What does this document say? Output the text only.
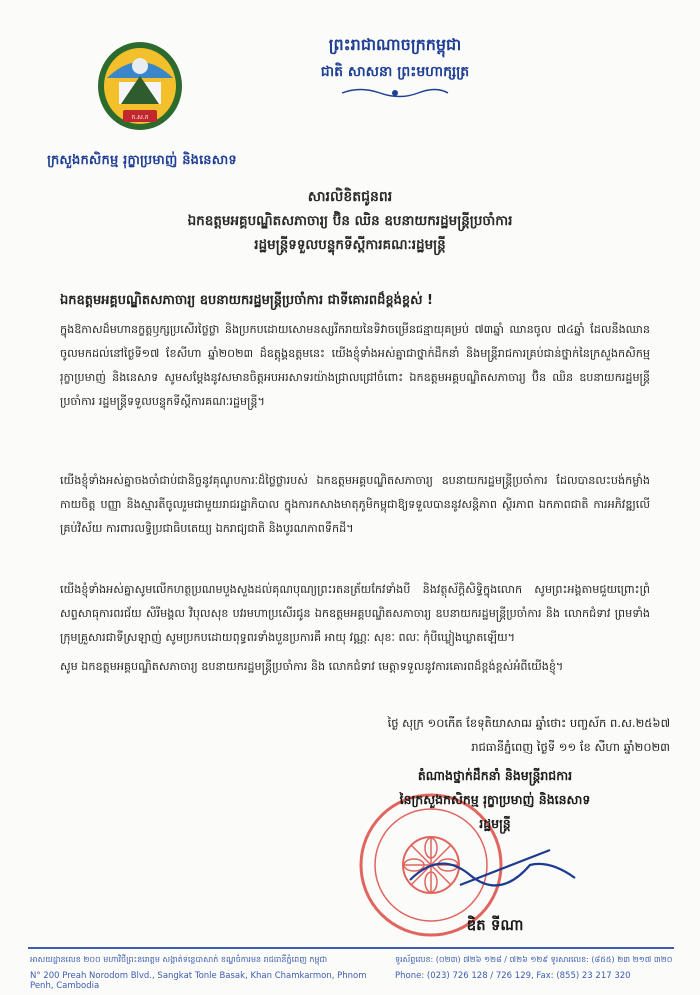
ក.ស.ក
ក្រសួងកសិកម្ម រុក្ខាប្រមាញ់ និងនេសាទ
ព្រះរាជាណាចក្រកម្ពុជា
ជាតិ សាសនា ព្រះមហាក្សត្រ
សារលិខិតជូនពរ
ឯកឧត្តមអគ្គបណ្ឌិតសភាចារ្យ ប៊ិន ឈិន ឧបនាយករដ្ឋមន្ត្រីប្រចាំការ
រដ្ឋមន្ត្រីទទួលបន្ទុកទីស្តីការគណៈរដ្ឋមន្ត្រី
ឯកឧត្តមអគ្គបណ្ឌិតសភាចារ្យ ឧបនាយករដ្ឋមន្ត្រីប្រចាំការ ជាទីគោរពដ៏ខ្ពង់ខ្ពស់ !
ក្នុងឱកាសដ៏មហានក្ខត្តឫក្សប្រសើរថ្លៃថ្លា និងប្រកបដោយសោមនស្សរីករាយនៃទិវាចម្រើនជន្មាយុគម្រប់ ៧៣ឆ្នាំ ឈានចូល ៧៤ឆ្នាំ ដែលនឹងឈានចូលមកដល់នៅថ្ងៃទី១៧ ខែសីហា ឆ្នាំ២០២៣ ដ៏ឧត្តុង្គឧត្តមនេះ យើងខ្ញុំទាំងអស់គ្នាជាថ្នាក់ដឹកនាំ និងមន្ត្រីរាជការគ្រប់ជាន់ថ្នាក់នៃក្រសួងកសិកម្ម រុក្ខាប្រមាញ់ និងនេសាទ សូមសម្តែងនូវសមានចិត្តអបអរសាទរយ៉ាងជ្រាលជ្រៅចំពោះ ឯកឧត្តមអគ្គបណ្ឌិតសភាចារ្យ ប៊ិន ឈិន ឧបនាយករដ្ឋមន្ត្រីប្រចាំការ រដ្ឋមន្ត្រីទទួលបន្ទុកទីស្តីការគណៈរដ្ឋមន្ត្រី។
យើងខ្ញុំទាំងអស់គ្នាចងចាំជាប់ជានិច្ចនូវគុណូបការៈដ៏ថ្លៃថ្លារបស់ ឯកឧត្តមអគ្គបណ្ឌិតសភាចារ្យ ឧបនាយករដ្ឋមន្ត្រីប្រចាំការ ដែលបានលះបង់កម្លាំងកាយចិត្ត បញ្ញា និងស្មារតីចូលរួមជាមួយរាជរដ្ឋាភិបាល ក្នុងការកសាងមាតុភូមិកម្ពុជាឱ្យទទួលបាននូវសន្តិភាព ស្ថិរភាព ឯកភាពជាតិ ការអភិវឌ្ឍលើគ្រប់វិស័យ ការពារលទ្ធិប្រជាធិបតេយ្យ ឯករាជ្យជាតិ និងបូរណភាពទឹកដី។
យើងខ្ញុំទាំងអស់គ្នាសូមលើកហត្ថប្រណមបួងសួងដល់គុណបុណ្យព្រះរតនត្រ័យកែវទាំងបី និងវត្ថុស័ក្តិសិទ្ធិក្នុងលោក សូមព្រះអង្គតាមជួយព្រោះព្រំសព្ទសាធុការពរជ័យ សិរីមង្គល វិបុលសុខ បវរមហាប្រសើរជូន ឯកឧត្តមអគ្គបណ្ឌិតសភាចារ្យ ឧបនាយករដ្ឋមន្ត្រីប្រចាំការ និង លោកជំទាវ ព្រមទាំងក្រុមគ្រួសារជាទីស្រឡាញ់ សូមប្រកបដោយពុទ្ធពរទាំងបួនប្រការគឺ អាយុ វណ្ណៈ សុខៈ ពលៈ កុំបីឃ្លៀងឃ្លាតឡើយ។
សូម ឯកឧត្តមអគ្គបណ្ឌិតសភាចារ្យ ឧបនាយករដ្ឋមន្ត្រីប្រចាំការ និង លោកជំទាវ មេត្តាទទួលនូវការគោរពដ៏ខ្ពង់ខ្ពស់អំពីយើងខ្ញុំ។
ថ្ងៃ សុក្រ ១០កើត ខែទុតិយាសាឍ ឆ្នាំថោះ បញ្ចស័ក ព.ស.២៥៦៧
រាជធានីភ្នំពេញ ថ្ងៃទី ១១ ខែ សីហា ឆ្នាំ២០២៣
តំណាងថ្នាក់ដឹកនាំ និងមន្ត្រីរាជការ
នៃក្រសួងកសិកម្ម រុក្ខាប្រមាញ់ និងនេសាទ
រដ្ឋមន្ត្រី
ឌិត ទីណា
អាសយដ្ឋានលេខ ២០០ មហាវិថីព្រះនរោត្តម សង្កាត់ទន្លេបាសាក់ ខណ្ឌចំការមន រាជធានីភ្នំពេញ កម្ពុជា
N° 200 Preah Norodom Blvd., Sangkat Tonle Basak, Khan Chamkarmon, Phnom Penh, Cambodia
ទូរស័ព្ទលេខ: (០២៣) ៧២៦ ១២៨ / ៧២៦ ១២៩ ទូរសារលេខ: (៨៥៥) ២៣ ២១៧ ៣២០
Phone: (023) 726 128 / 726 129, Fax: (855) 23 217 320
